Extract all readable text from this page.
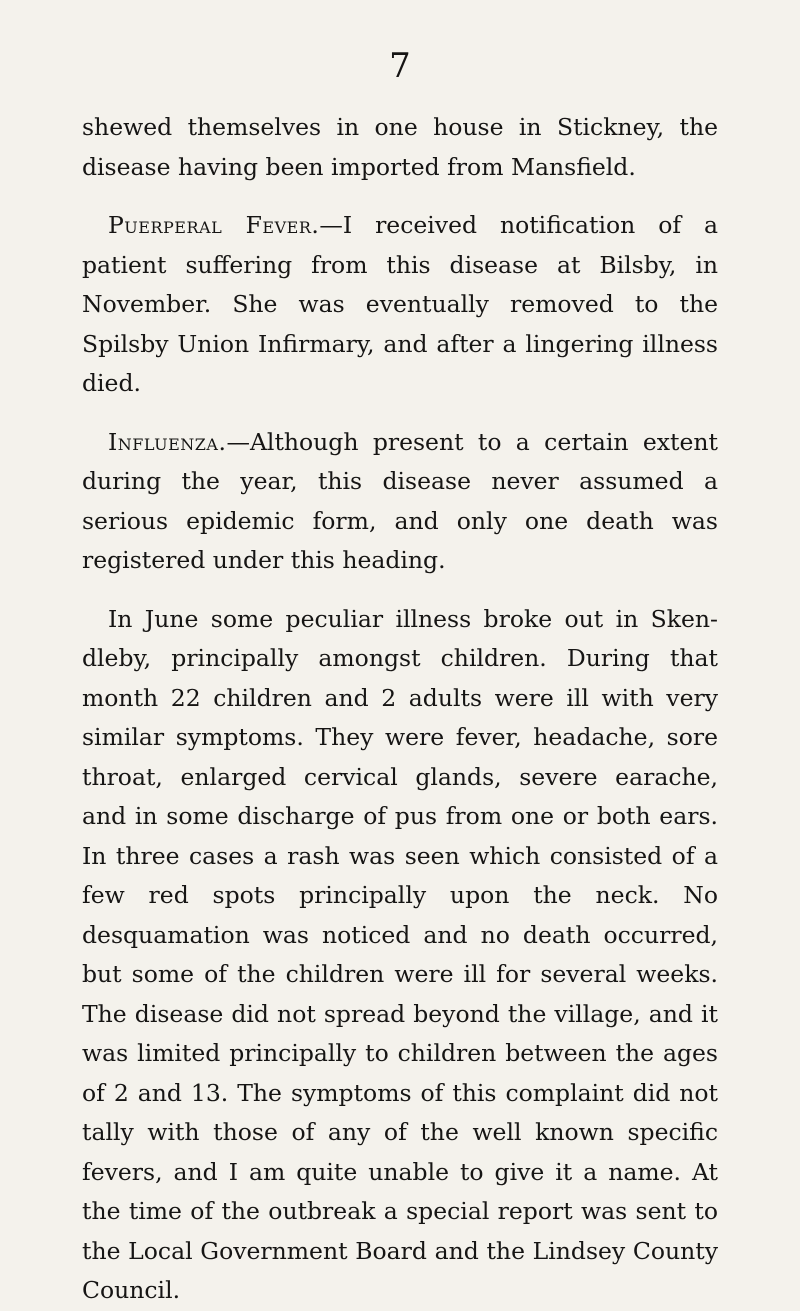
7

shewed themselves in one house in Stickney, the disease having been imported from Mansfield.

Puerperal Fever.—I received notification of a patient suffering from this disease at Bilsby, in November. She was eventually removed to the Spilsby Union Infirmary, and after a lingering illness died.

Influenza.—Although present to a certain extent during the year, this disease never assumed a serious epidemic form, and only one death was registered under this heading.

In June some peculiar illness broke out in Skendleby, principally amongst children. During that month 22 children and 2 adults were ill with very similar symptoms. They were fever, headache, sore throat, enlarged cervical glands, severe earache, and in some discharge of pus from one or both ears. In three cases a rash was seen which consisted of a few red spots principally upon the neck. No desquamation was noticed and no death occurred, but some of the children were ill for several weeks. The disease did not spread beyond the village, and it was limited principally to children between the ages of 2 and 13. The symptoms of this complaint did not tally with those of any of the well known specific fevers, and I am quite unable to give it a name. At the time of the outbreak a special report was sent to the Local Government Board and the Lindsey County Council.
